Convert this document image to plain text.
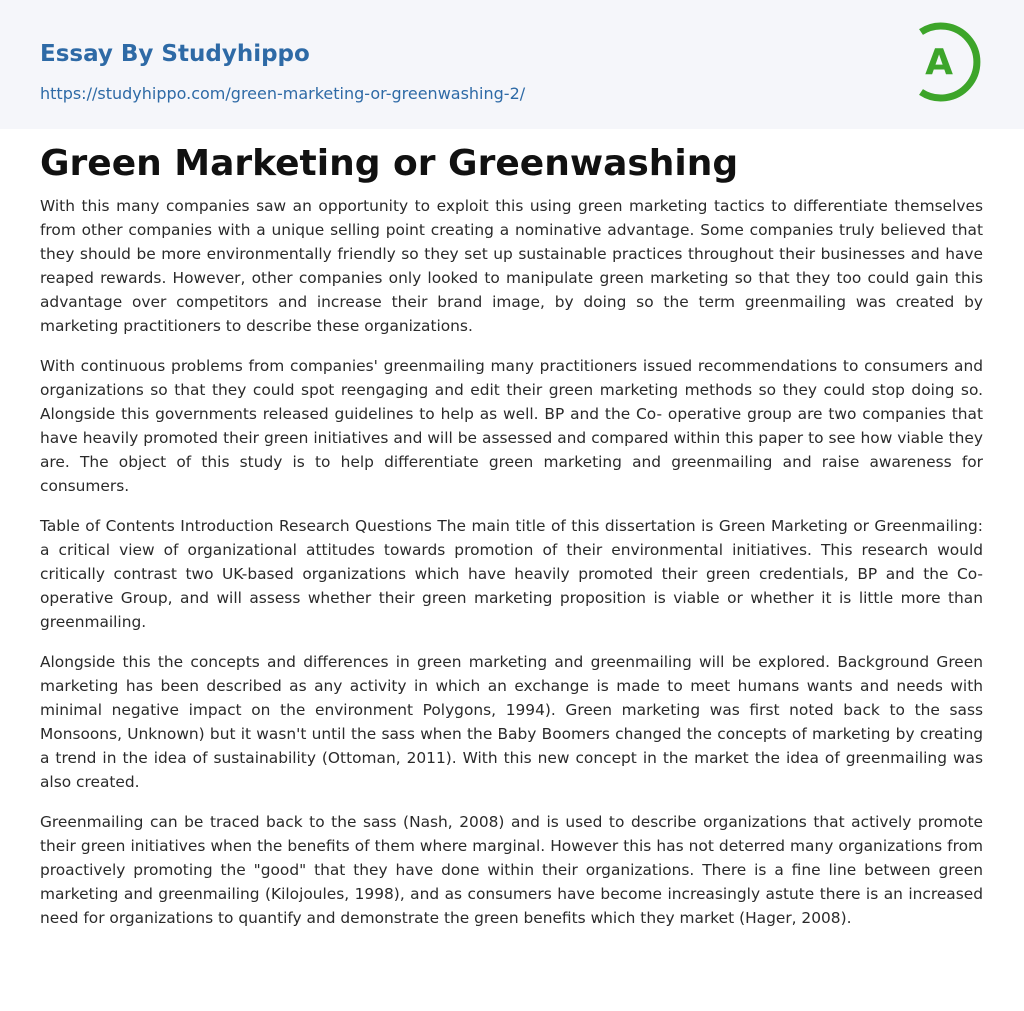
Essay By Studyhippo
https://studyhippo.com/green-marketing-or-greenwashing-2/
A
Green Marketing or Greenwashing

With this many companies saw an opportunity to exploit this using green marketing tactics to differentiate themselves from other companies with a unique selling point creating a nominative advantage. Some companies truly believed that they should be more environmentally friendly so they set up sustainable practices throughout their businesses and have reaped rewards. However, other companies only looked to manipulate green marketing so that they too could gain this advantage over competitors and increase their brand image, by doing so the term greenmailing was created by marketing practitioners to describe these organizations.

With continuous problems from companies' greenmailing many practitioners issued recommendations to consumers and organizations so that they could spot reengaging and edit their green marketing methods so they could stop doing so. Alongside this governments released guidelines to help as well. BP and the Co- operative group are two companies that have heavily promoted their green initiatives and will be assessed and compared within this paper to see how viable they are. The object of this study is to help differentiate green marketing and greenmailing and raise awareness for consumers.

Table of Contents Introduction Research Questions The main title of this dissertation is Green Marketing or Greenmailing: a critical view of organizational attitudes towards promotion of their environmental initiatives. This research would critically contrast two UK-based organizations which have heavily promoted their green credentials, BP and the Co-operative Group, and will assess whether their green marketing proposition is viable or whether it is little more than greenmailing.

Alongside this the concepts and differences in green marketing and greenmailing will be explored. Background Green marketing has been described as any activity in which an exchange is made to meet humans wants and needs with minimal negative impact on the environment Polygons, 1994). Green marketing was first noted back to the sass Monsoons, Unknown) but it wasn't until the sass when the Baby Boomers changed the concepts of marketing by creating a trend in the idea of sustainability (Ottoman, 2011). With this new concept in the market the idea of greenmailing was also created.

Greenmailing can be traced back to the sass (Nash, 2008) and is used to describe organizations that actively promote their green initiatives when the benefits of them where marginal. However this has not deterred many organizations from proactively promoting the "good" that they have done within their organizations. There is a fine line between green marketing and greenmailing (Kilojoules, 1998), and as consumers have become increasingly astute there is an increased need for organizations to quantify and demonstrate the green benefits which they market (Hager, 2008).
